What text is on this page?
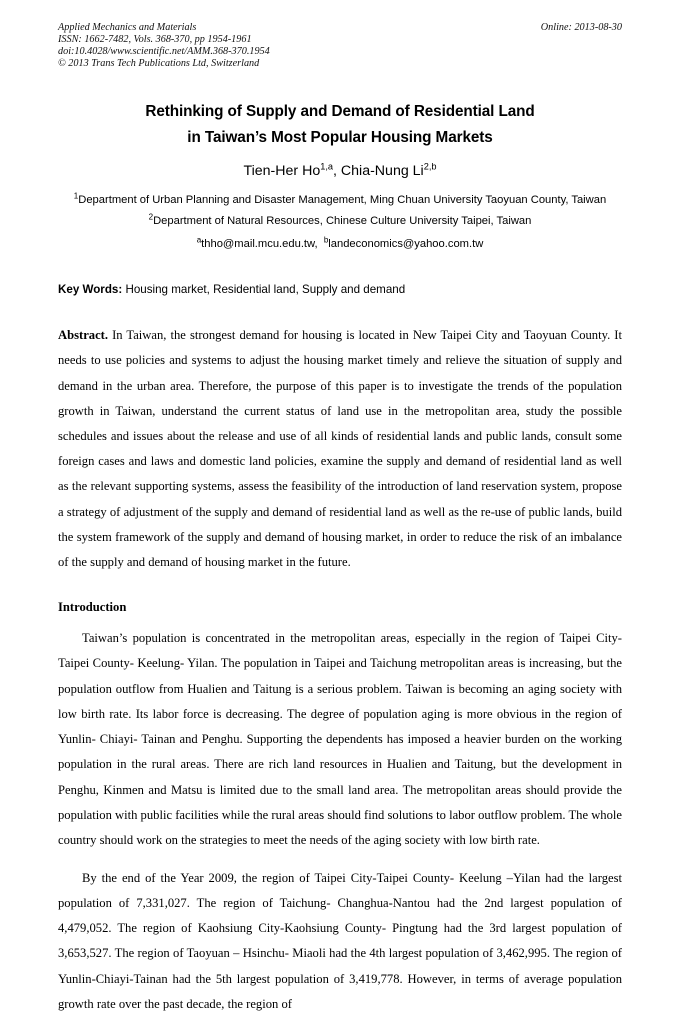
Applied Mechanics and Materials
ISSN: 1662-7482, Vols. 368-370, pp 1954-1961
doi:10.4028/www.scientific.net/AMM.368-370.1954
© 2013 Trans Tech Publications Ltd, Switzerland
Online: 2013-08-30
Rethinking of Supply and Demand of Residential Land
in Taiwan’s Most Popular Housing Markets
Tien-Her Ho$^{1,a}$, Chia-Nung Li$^{2,b}$
$^1$Department of Urban Planning and Disaster Management, Ming Chuan University Taoyuan County, Taiwan
$^2$Department of Natural Resources, Chinese Culture University Taipei, Taiwan
$^a$thho@mail.mcu.edu.tw, $^b$landeconomics@yahoo.com.tw
Key Words: Housing market, Residential land, Supply and demand
Abstract. In Taiwan, the strongest demand for housing is located in New Taipei City and Taoyuan County. It needs to use policies and systems to adjust the housing market timely and relieve the situation of supply and demand in the urban area. Therefore, the purpose of this paper is to investigate the trends of the population growth in Taiwan, understand the current status of land use in the metropolitan area, study the possible schedules and issues about the release and use of all kinds of residential lands and public lands, consult some foreign cases and laws and domestic land policies, examine the supply and demand of residential land as well as the relevant supporting systems, assess the feasibility of the introduction of land reservation system, propose a strategy of adjustment of the supply and demand of residential land as well as the re-use of public lands, build the system framework of the supply and demand of housing market, in order to reduce the risk of an imbalance of the supply and demand of housing market in the future.
Introduction

Taiwan’s population is concentrated in the metropolitan areas, especially in the region of Taipei City-Taipei County- Keelung- Yilan. The population in Taipei and Taichung metropolitan areas is increasing, but the population outflow from Hualien and Taitung is a serious problem. Taiwan is becoming an aging society with low birth rate. Its labor force is decreasing. The degree of population aging is more obvious in the region of Yunlin- Chiayi- Tainan and Penghu. Supporting the dependents has imposed a heavier burden on the working population in the rural areas. There are rich land resources in Hualien and Taitung, but the development in Penghu, Kinmen and Matsu is limited due to the small land area. The metropolitan areas should provide the population with public facilities while the rural areas should find solutions to labor outflow problem. The whole country should work on the strategies to meet the needs of the aging society with low birth rate.

By the end of the Year 2009, the region of Taipei City-Taipei County- Keelung –Yilan had the largest population of 7,331,027. The region of Taichung- Changhua-Nantou had the 2nd largest population of 4,479,052. The region of Kaohsiung City-Kaohsiung County- Pingtung had the 3rd largest population of 3,653,527. The region of Taoyuan – Hsinchu- Miaoli had the 4th largest population of 3,462,995. The region of Yunlin-Chiayi-Tainan had the 5th largest population of 3,419,778. However, in terms of average population growth rate over the past decade, the region of
